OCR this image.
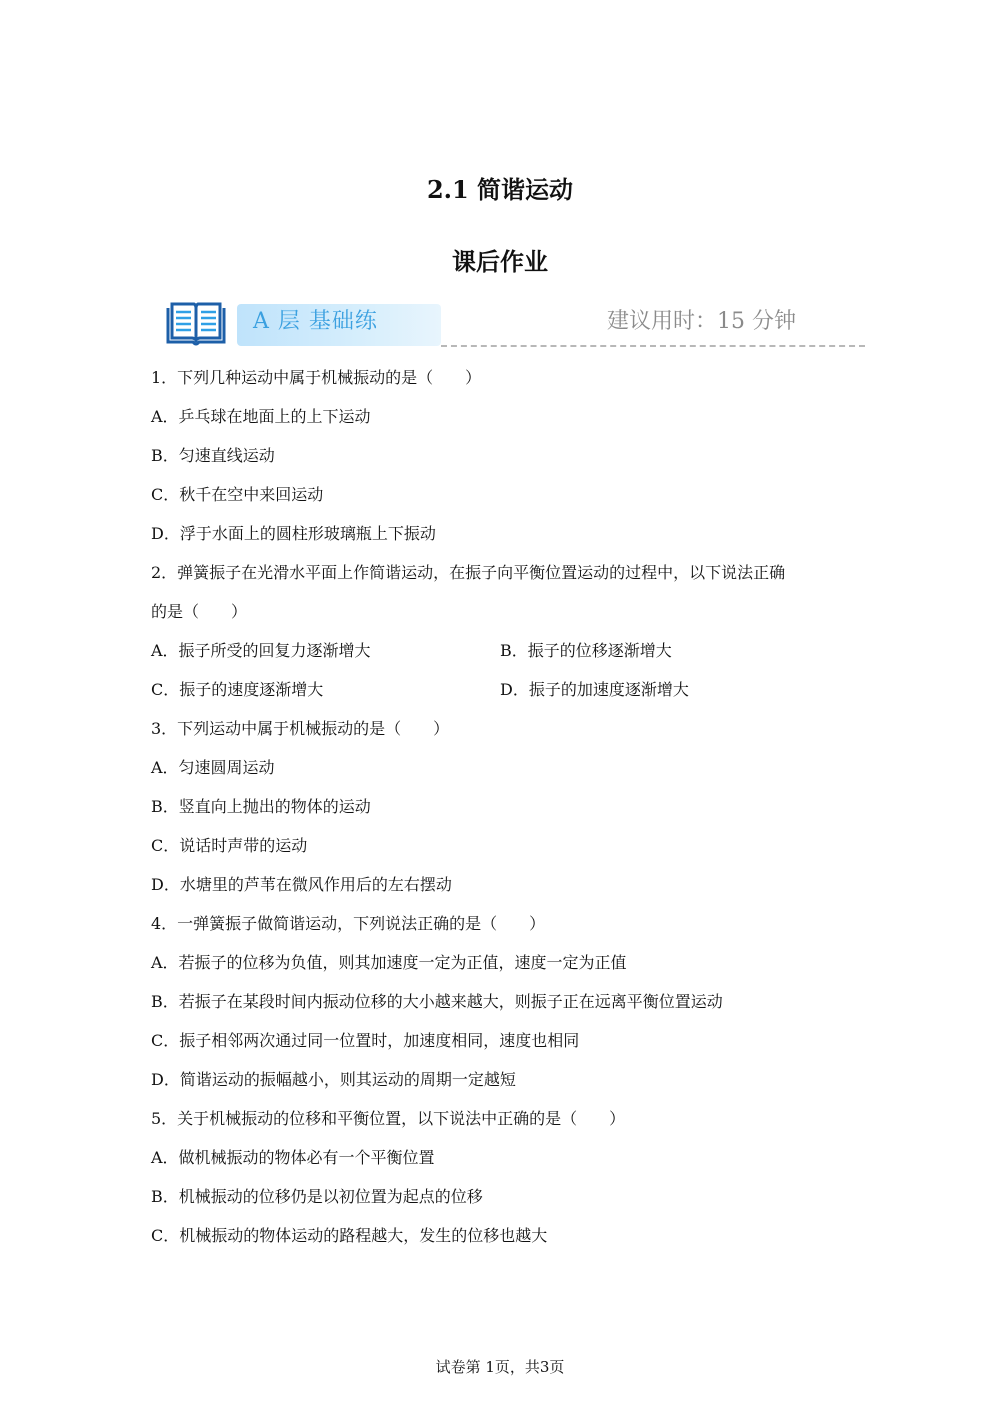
2.1 简谐运动
课后作业
A 层 基础练	建议用时：15 分钟
1．下列几种运动中属于机械振动的是（　　）
A．乒乓球在地面上的上下运动
B．匀速直线运动
C．秋千在空中来回运动
D．浮于水面上的圆柱形玻璃瓶上下振动
2．弹簧振子在光滑水平面上作简谐运动，在振子向平衡位置运动的过程中，以下说法正确
的是（　　）
A．振子所受的回复力逐渐增大	B．振子的位移逐渐增大
C．振子的速度逐渐增大	D．振子的加速度逐渐增大
3．下列运动中属于机械振动的是（　　）
A．匀速圆周运动
B．竖直向上抛出的物体的运动
C．说话时声带的运动
D．水塘里的芦苇在微风作用后的左右摆动
4．一弹簧振子做简谐运动，下列说法正确的是（　　）
A．若振子的位移为负值，则其加速度一定为正值，速度一定为正值
B．若振子在某段时间内振动位移的大小越来越大，则振子正在远离平衡位置运动
C．振子相邻两次通过同一位置时，加速度相同，速度也相同
D．简谐运动的振幅越小，则其运动的周期一定越短
5．关于机械振动的位移和平衡位置，以下说法中正确的是（　　）
A．做机械振动的物体必有一个平衡位置
B．机械振动的位移仍是以初位置为起点的位移
C．机械振动的物体运动的路程越大，发生的位移也越大
试卷第 1页，共3页
